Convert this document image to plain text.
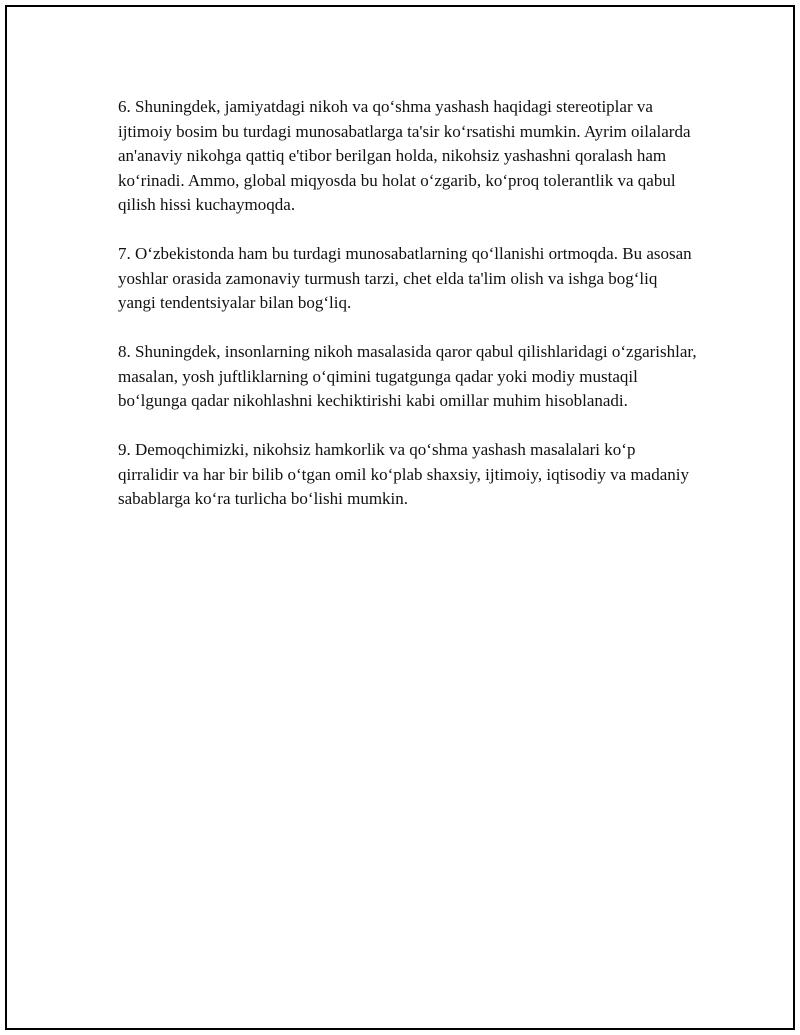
6. Shuningdek, jamiyatdagi nikoh va qo‘shma yashash haqidagi stereotiplar va ijtimoiy bosim bu turdagi munosabatlarga ta'sir ko‘rsatishi mumkin. Ayrim oilalarda an'anaviy nikohga qattiq e'tibor berilgan holda, nikohsiz yashashni qoralash ham ko‘rinadi. Ammo, global miqyosda bu holat o‘zgarib, ko‘proq tolerantlik va qabul qilish hissi kuchaymoqda.

7. O‘zbekistonda ham bu turdagi munosabatlarning qo‘llanishi ortmoqda. Bu asosan yoshlar orasida zamonaviy turmush tarzi, chet elda ta'lim olish va ishga bog‘liq yangi tendentsiyalar bilan bog‘liq.

8. Shuningdek, insonlarning nikoh masalasida qaror qabul qilishlaridagi o‘zgarishlar, masalan, yosh juftliklarning o‘qimini tugatgunga qadar yoki modiy mustaqil bo‘lgunga qadar nikohlashni kechiktirishi kabi omillar muhim hisoblanadi.

9. Demoqchimizki, nikohsiz hamkorlik va qo‘shma yashash masalalari ko‘p qirralidir va har bir bilib o‘tgan omil ko‘plab shaxsiy, ijtimoiy, iqtisodiy va madaniy sabablarga ko‘ra turlicha bo‘lishi mumkin.
